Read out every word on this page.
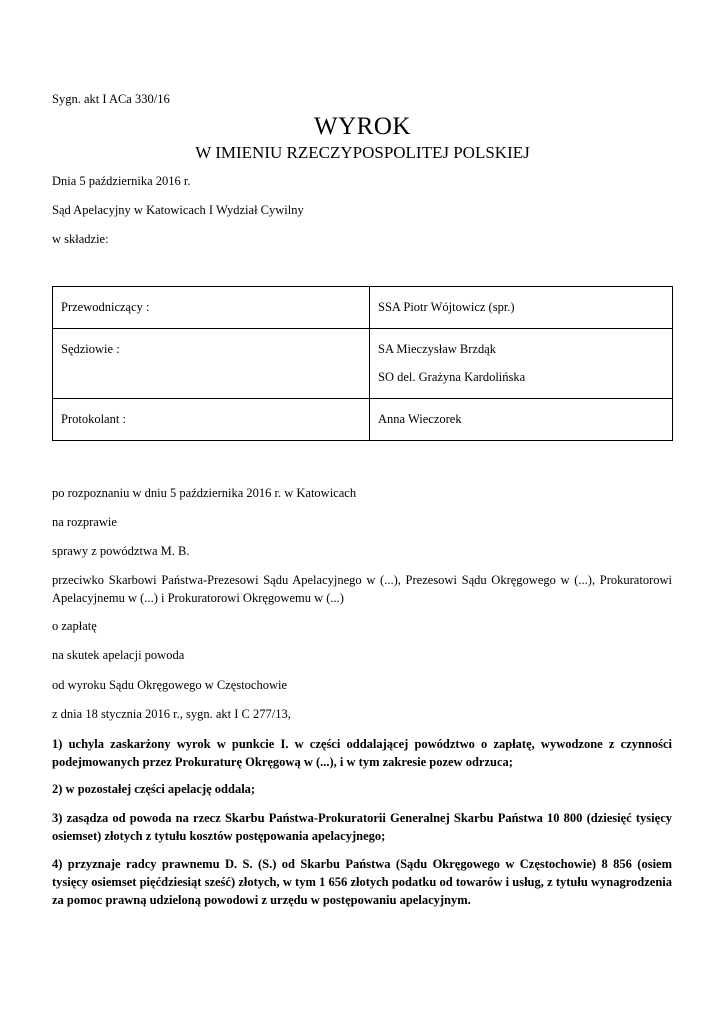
Sygn. akt I ACa 330/16

WYROK

W IMIENIU RZECZYPOSPOLITEJ POLSKIEJ

Dnia 5 października 2016 r.

Sąd Apelacyjny w Katowicach I Wydział Cywilny

w składzie:

Przewodniczący :	SSA Piotr Wójtowicz (spr.)
Sędziowie :	SA Mieczysław Brzdąk
SO del. Grażyna Kardolińska

Protokolant :	Anna Wieczorek

po rozpoznaniu w dniu 5 października 2016 r. w Katowicach

na rozprawie

sprawy z powództwa M. B.

przeciwko Skarbowi Państwa-Prezesowi Sądu Apelacyjnego w (...), Prezesowi Sądu Okręgowego w (...), Prokuratorowi Apelacyjnemu w (...) i Prokuratorowi Okręgowemu w (...)

o zapłatę

na skutek apelacji powoda

od wyroku Sądu Okręgowego w Częstochowie

z dnia 18 stycznia 2016 r., sygn. akt I C 277/13,

1) uchyla zaskarżony wyrok w punkcie I. w części oddalającej powództwo o zapłatę, wywodzone z czynności podejmowanych przez Prokuraturę Okręgową w (...), i w tym zakresie pozew odrzuca;

2) w pozostałej części apelację oddala;

3) zasądza od powoda na rzecz Skarbu Państwa-Prokuratorii Generalnej Skarbu Państwa 10 800 (dziesięć tysięcy osiemset) złotych z tytułu kosztów postępowania apelacyjnego;

4) przyznaje radcy prawnemu D. S. (S.) od Skarbu Państwa (Sądu Okręgowego w Częstochowie) 8 856 (osiem tysięcy osiemset pięćdziesiąt sześć) złotych, w tym 1 656 złotych podatku od towarów i usług, z tytułu wynagrodzenia za pomoc prawną udzieloną powodowi z urzędu w postępowaniu apelacyjnym.
